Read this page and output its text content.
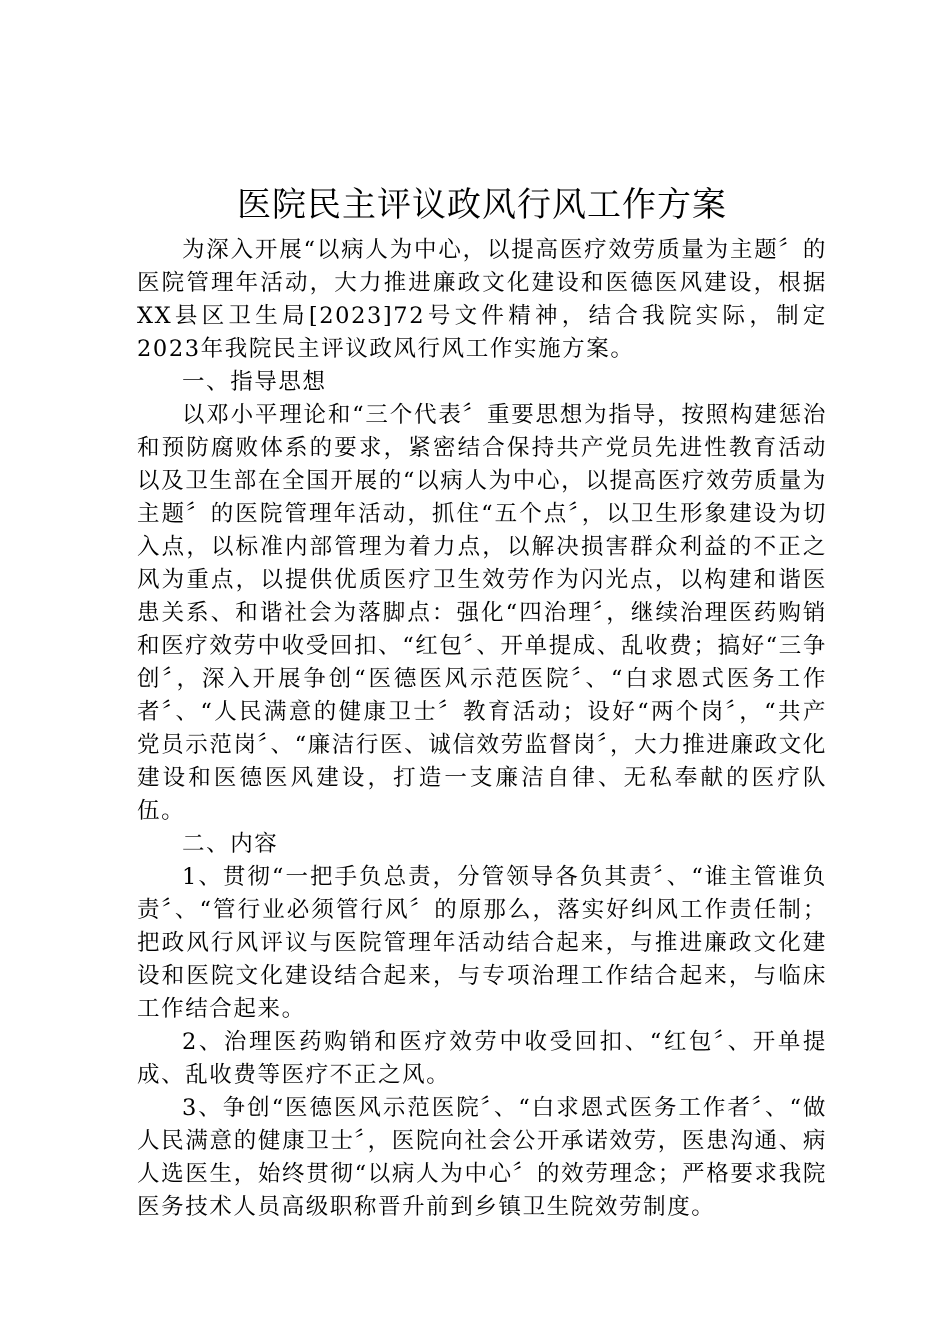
医院民主评议政风行风工作方案

为深入开展“以病人为中心，以提高医疗效劳质量为主题〞的医院管理年活动，大力推进廉政文化建设和医德医风建设，根据XX县区卫生局[2023]72号文件精神，结合我院实际，制定2023年我院民主评议政风行风工作实施方案。

一、指导思想

以邓小平理论和“三个代表〞重要思想为指导，按照构建惩治和预防腐败体系的要求，紧密结合保持共产党员先进性教育活动以及卫生部在全国开展的“以病人为中心，以提高医疗效劳质量为主题〞的医院管理年活动，抓住“五个点〞，以卫生形象建设为切入点，以标准内部管理为着力点，以解决损害群众利益的不正之风为重点，以提供优质医疗卫生效劳作为闪光点，以构建和谐医患关系、和谐社会为落脚点：强化“四治理〞，继续治理医药购销和医疗效劳中收受回扣、“红包〞、开单提成、乱收费；搞好“三争创〞，深入开展争创“医德医风示范医院〞、“白求恩式医务工作者〞、“人民满意的健康卫士〞教育活动；设好“两个岗〞，“共产党员示范岗〞、“廉洁行医、诚信效劳监督岗〞，大力推进廉政文化建设和医德医风建设，打造一支廉洁自律、无私奉献的医疗队伍。

二、内容

1、贯彻“一把手负总责，分管领导各负其责〞、“谁主管谁负责〞、“管行业必须管行风〞的原那么，落实好纠风工作责任制；把政风行风评议与医院管理年活动结合起来，与推进廉政文化建设和医院文化建设结合起来，与专项治理工作结合起来，与临床工作结合起来。

2、治理医药购销和医疗效劳中收受回扣、“红包〞、开单提成、乱收费等医疗不正之风。

3、争创“医德医风示范医院〞、“白求恩式医务工作者〞、“做人民满意的健康卫士〞，医院向社会公开承诺效劳，医患沟通、病人选医生，始终贯彻“以病人为中心〞的效劳理念；严格要求我院医务技术人员高级职称晋升前到乡镇卫生院效劳制度。
